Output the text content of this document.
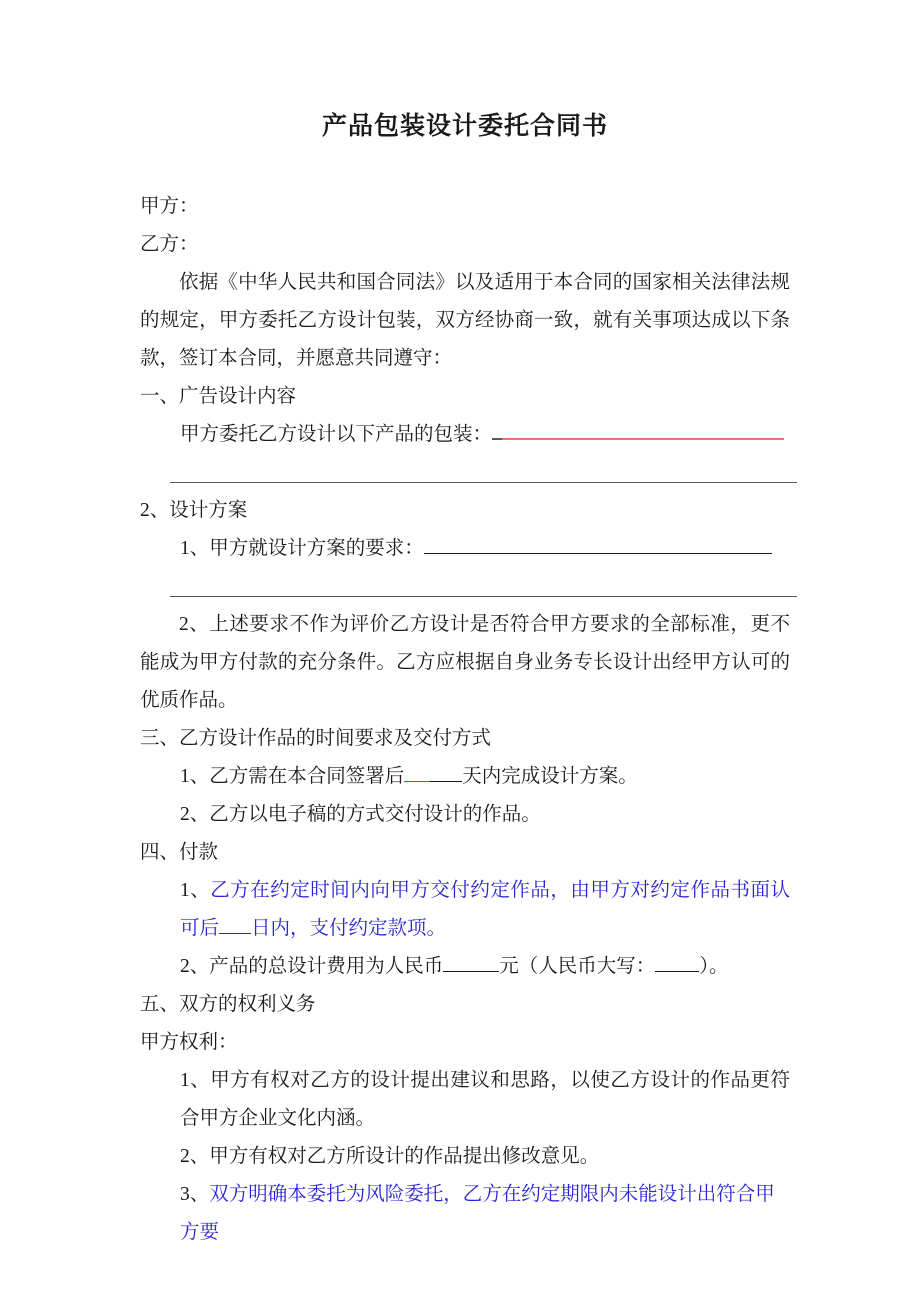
产品包装设计委托合同书
甲方：
乙方：
依据《中华人民共和国合同法》以及适用于本合同的国家相关法律法规的规定，甲方委托乙方设计包装，双方经协商一致，就有关事项达成以下条款，签订本合同，并愿意共同遵守：
一、广告设计内容
甲方委托乙方设计以下产品的包装：
2、设计方案
1、甲方就设计方案的要求：
2、上述要求不作为评价乙方设计是否符合甲方要求的全部标准，更不能成为甲方付款的充分条件。乙方应根据自身业务专长设计出经甲方认可的优质作品。
三、乙方设计作品的时间要求及交付方式
1、乙方需在本合同签署后	天内完成设计方案。
2、乙方以电子稿的方式交付设计的作品。
四、付款
1、乙方在约定时间内向甲方交付约定作品，由甲方对约定作品书面认可后 日内，支付约定款项。
2、产品的总设计费用为人民币	元（人民币大写： ）。
五、双方的权利义务
甲方权利：
1、甲方有权对乙方的设计提出建议和思路，以使乙方设计的作品更符合甲方企业文化内涵。
2、甲方有权对乙方所设计的作品提出修改意见。
3、双方明确本委托为风险委托，乙方在约定期限内未能设计出符合甲方要
